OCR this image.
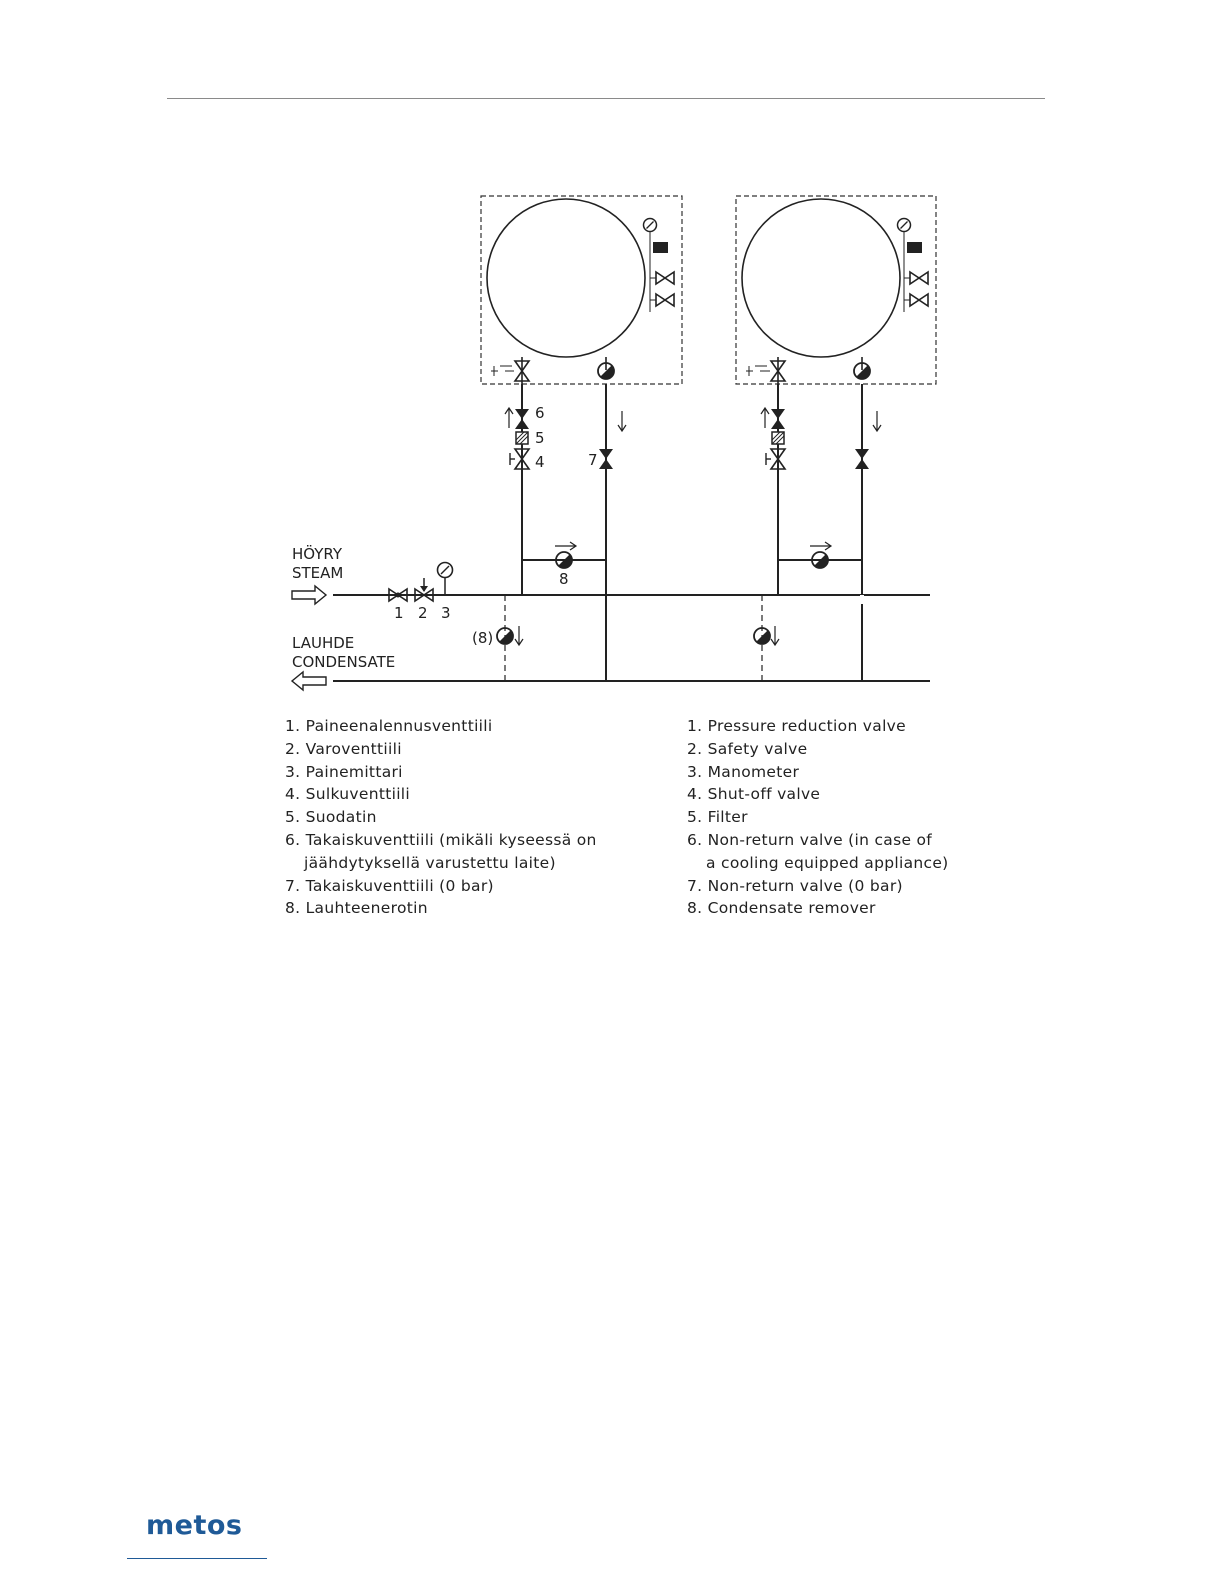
HÖYRY
STEAM
LAUHDE
CONDENSATE
1 2 3
6
5
4	7
8
(8)
1. Paineenalennusventtiili
2. Varoventtiili
3. Painemittari
4. Sulkuventtiili
5. Suodatin
6. Takaiskuventtiili (mikäli kyseessä on
jäähdytyksellä varustettu laite)
7. Takaiskuventtiili (0 bar)
8. Lauhteenerotin
1. Pressure reduction valve
2. Safety valve
3. Manometer
4. Shut-off valve
5. Filter
6. Non-return valve (in case of
a cooling equipped appliance)
7. Non-return valve (0 bar)
8. Condensate remover
metos
